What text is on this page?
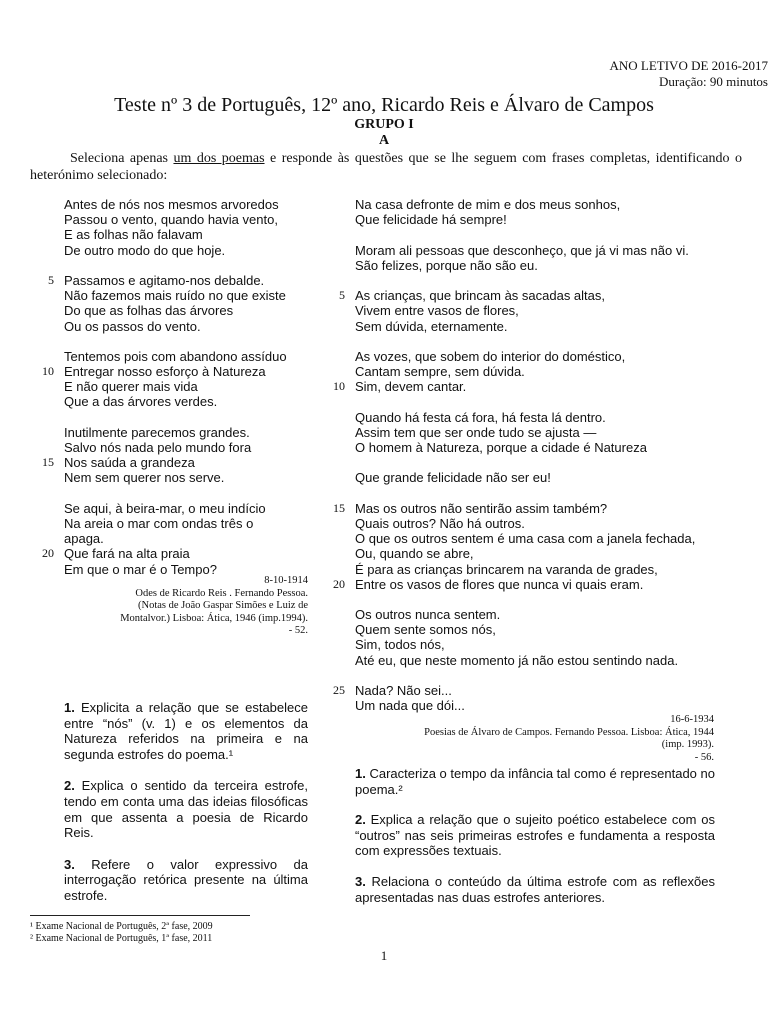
ANO LETIVO DE 2016-2017
Duração: 90 minutos
Teste nº 3 de Português, 12º ano, Ricardo Reis e Álvaro de Campos
GRUPO I
A
Seleciona apenas um dos poemas e responde às questões que se lhe seguem com frases completas, identificando o heterónimo selecionado:
Antes de nós nos mesmos arvoredos
Passou o vento, quando havia vento,
E as folhas não falavam
De outro modo do que hoje.
Passamos e agitamo-nos debalde.
5
Não fazemos mais ruído no que existe
Do que as folhas das árvores
Ou os passos do vento.
Tentemos pois com abandono assíduo
Entregar nosso esforço à Natureza
10
E não querer mais vida
Que a das árvores verdes.
Inutilmente parecemos grandes.
Salvo nós nada pelo mundo fora
Nos saúda a grandeza
15
Nem sem querer nos serve.
Se aqui, à beira-mar, o meu indício
Na areia o mar com ondas três o
apaga.
Que fará na alta praia
20
Em que o mar é o Tempo?
8-10-1914
Odes de Ricardo Reis . Fernando Pessoa.
(Notas de João Gaspar Simões e Luiz de
Montalvor.) Lisboa: Ática, 1946 (imp.1994).
- 52.
Na casa defronte de mim e dos meus sonhos,
Que felicidade há sempre!
Moram ali pessoas que desconheço, que já vi mas não vi.
São felizes, porque não são eu.
As crianças, que brincam às sacadas altas,
5
Vivem entre vasos de flores,
Sem dúvida, eternamente.
As vozes, que sobem do interior do doméstico,
Cantam sempre, sem dúvida.
Sim, devem cantar.
10
Quando há festa cá fora, há festa lá dentro.
Assim tem que ser onde tudo se ajusta —
O homem à Natureza, porque a cidade é Natureza
Que grande felicidade não ser eu!
Mas os outros não sentirão assim também?
15
Quais outros? Não há outros.
O que os outros sentem é uma casa com a janela fechada,
Ou, quando se abre,
É para as crianças brincarem na varanda de grades,
Entre os vasos de flores que nunca vi quais eram.
20
Os outros nunca sentem.
Quem sente somos nós,
Sim, todos nós,
Até eu, que neste momento já não estou sentindo nada.
Nada? Não sei...
25
Um nada que dói...
16-6-1934
Poesias de Álvaro de Campos. Fernando Pessoa. Lisboa: Ática, 1944
(imp. 1993).
- 56.
1. Explicita a relação que se estabelece entre “nós” (v. 1) e os elementos da Natureza referidos na primeira e na segunda estrofes do poema.¹
2. Explica o sentido da terceira estrofe, tendo em conta uma das ideias filosóficas em que assenta a poesia de Ricardo Reis.
3. Refere o valor expressivo da interrogação retórica presente na última estrofe.
1. Caracteriza o tempo da infância tal como é representado no poema.²
2. Explica a relação que o sujeito poético estabelece com os “outros” nas seis primeiras estrofes e fundamenta a resposta com expressões textuais.
3. Relaciona o conteúdo da última estrofe com as reflexões apresentadas nas duas estrofes anteriores.
¹ Exame Nacional de Português, 2ª fase, 2009
² Exame Nacional de Português, 1ª fase, 2011
1
